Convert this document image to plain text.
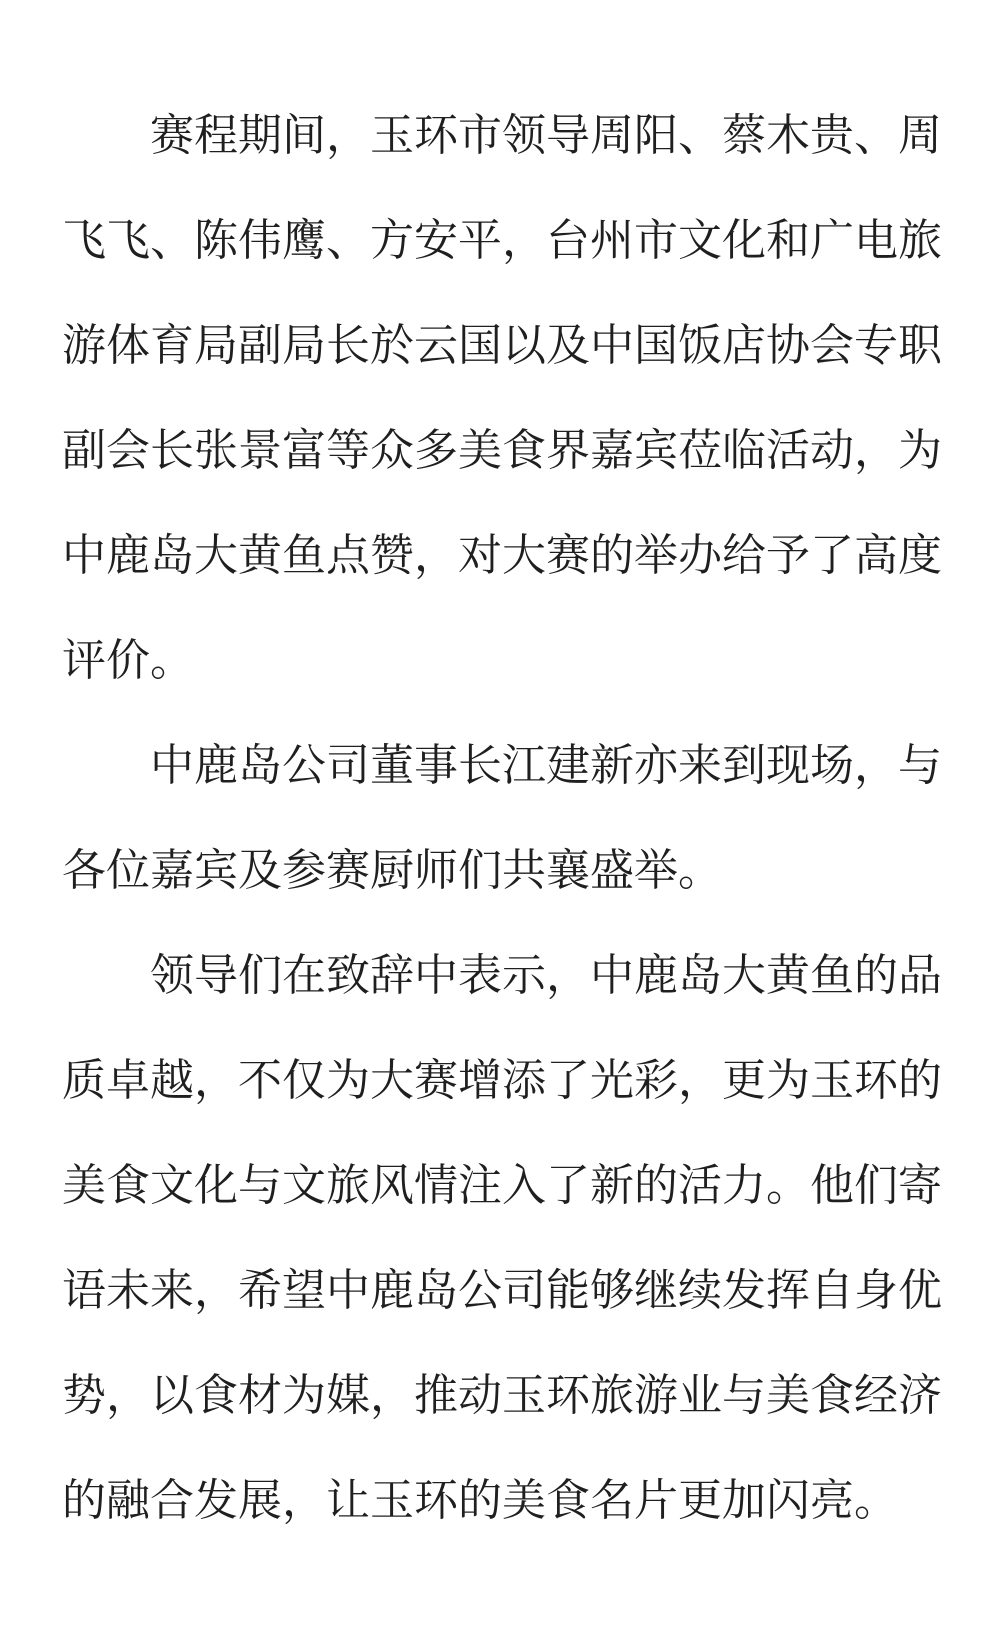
赛程期间，玉环市领导周阳、蔡木贵、周
飞飞、陈伟鹰、方安平，台州市文化和广电旅
游体育局副局长於云国以及中国饭店协会专职
副会长张景富等众多美食界嘉宾莅临活动，为
中鹿岛大黄鱼点赞，对大赛的举办给予了高度
评价。
中鹿岛公司董事长江建新亦来到现场，与
各位嘉宾及参赛厨师们共襄盛举。
领导们在致辞中表示，中鹿岛大黄鱼的品
质卓越，不仅为大赛增添了光彩，更为玉环的
美食文化与文旅风情注入了新的活力。他们寄
语未来，希望中鹿岛公司能够继续发挥自身优
势，以食材为媒，推动玉环旅游业与美食经济
的融合发展，让玉环的美食名片更加闪亮。
